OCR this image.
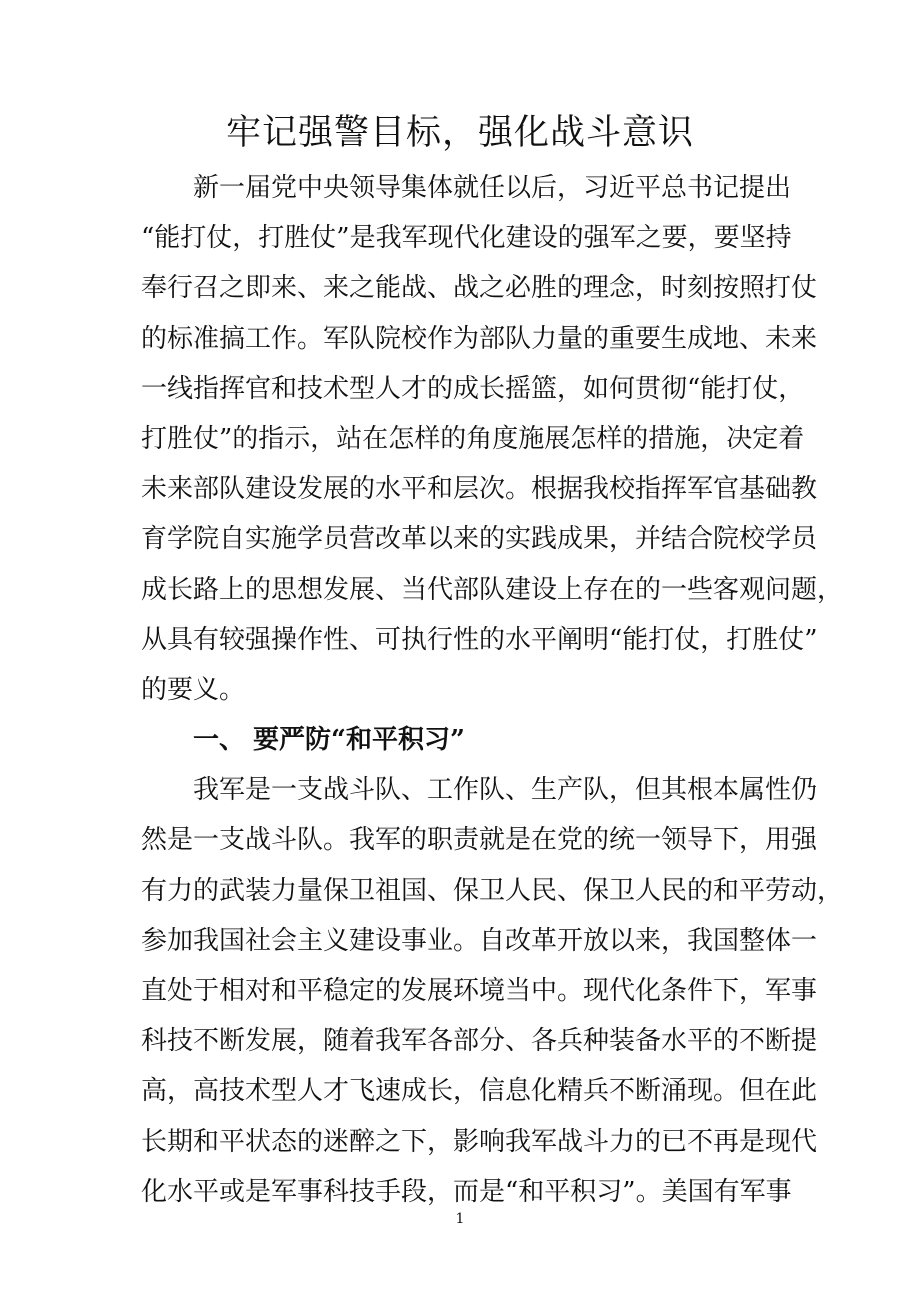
牢记强警目标，强化战斗意识
新一届党中央领导集体就任以后，习近平总书记提出
“能打仗，打胜仗”是我军现代化建设的强军之要，要坚持
奉行召之即来、来之能战、战之必胜的理念，时刻按照打仗
的标准搞工作。军队院校作为部队力量的重要生成地、未来
一线指挥官和技术型人才的成长摇篮，如何贯彻“能打仗，
打胜仗”的指示，站在怎样的角度施展怎样的措施，决定着
未来部队建设发展的水平和层次。根据我校指挥军官基础教
育学院自实施学员营改革以来的实践成果，并结合院校学员
成长路上的思想发展、当代部队建设上存在的一些客观问题，
从具有较强操作性、可执行性的水平阐明“能打仗，打胜仗”
的要义。
一、 要严防“和平积习”
我军是一支战斗队、工作队、生产队，但其根本属性仍
然是一支战斗队。我军的职责就是在党的统一领导下，用强
有力的武装力量保卫祖国、保卫人民、保卫人民的和平劳动，
参加我国社会主义建设事业。自改革开放以来，我国整体一
直处于相对和平稳定的发展环境当中。现代化条件下，军事
科技不断发展，随着我军各部分、各兵种装备水平的不断提
高，高技术型人才飞速成长，信息化精兵不断涌现。但在此
长期和平状态的迷醉之下，影响我军战斗力的已不再是现代
化水平或是军事科技手段，而是“和平积习”。美国有军事
1
